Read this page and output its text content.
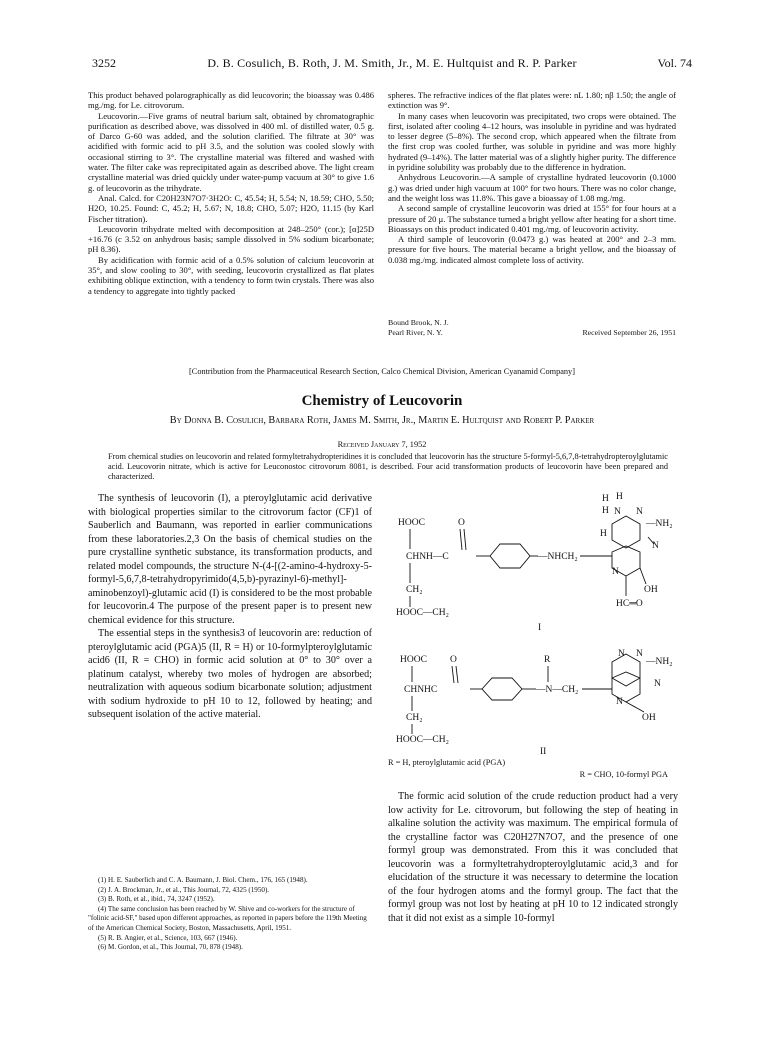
3252	D. B. Cosulich, B. Roth, J. M. Smith, Jr., M. E. Hultquist and R. P. Parker	Vol. 74

This product behaved polarographically as did leucovorin; the bioassay was 0.486 mg./mg. for Le. citrovorum.

Leucovorin.—Five grams of neutral barium salt, obtained by chromatographic purification as described above, was dissolved in 400 ml. of distilled water, 0.5 g. of Darco G-60 was added, and the solution clarified. The filtrate at 30° was acidified with formic acid to pH 3.5, and the solution was cooled slowly with occasional stirring to 3°. The crystalline material was filtered and washed with water. The filter cake was reprecipitated again as described above. The light cream crystalline material was dried quickly under water-pump vacuum at 30° to give 1.6 g. of leucovorin as the trihydrate.

Anal. Calcd. for C20H23N7O7·3H2O: C, 45.54; H, 5.54; N, 18.59; CHO, 5.50; H2O, 10.25. Found: C, 45.2; H, 5.67; N, 18.8; CHO, 5.07; H2O, 11.15 (by Karl Fischer titration).

Leucovorin trihydrate melted with decomposition at 248–250° (cor.); [α]25D +16.76 (c 3.52 on anhydrous basis; sample dissolved in 5% sodium bicarbonate; pH 8.36).

By acidification with formic acid of a 0.5% solution of calcium leucovorin at 35°, and slow cooling to 30°, with seeding, leucovorin crystallized as flat plates exhibiting oblique extinction, with a tendency to form twin crystals. There was also a tendency to aggregate into tightly packed

spheres. The refractive indices of the flat plates were: nL 1.80; nβ 1.50; the angle of extinction was 9°.

In many cases when leucovorin was precipitated, two crops were obtained. The first, isolated after cooling 4–12 hours, was insoluble in pyridine and was hydrated to lesser degree (5–8%). The second crop, which appeared when the filtrate from the first crop was cooled further, was soluble in pyridine and was more highly hydrated (9–14%). The latter material was of a slightly higher purity. The difference in pyridine solubility was probably due to the difference in hydration.

Anhydrous Leucovorin.—A sample of crystalline hydrated leucovorin (0.1000 g.) was dried under high vacuum at 100° for two hours. There was no color change, and the weight loss was 11.8%. This gave a bioassay of 1.08 mg./mg.

A second sample of crystalline leucovorin was dried at 155° for four hours at a pressure of 20 μ. The substance turned a bright yellow after heating for a short time. Bioassays on this product indicated 0.401 mg./mg. of leucovorin activity.

A third sample of leucovorin (0.0473 g.) was heated at 200° and 2–3 mm. pressure for five hours. The material became a bright yellow, and the bioassay of 0.038 mg./mg. indicated almost complete loss of activity.

Bound Brook, N. J.
Pearl River, N. Y.	Received September 26, 1951
[Contribution from the Pharmaceutical Research Section, Calco Chemical Division, American Cyanamid Company]
Chemistry of Leucovorin
By Donna B. Cosulich, Barbara Roth, James M. Smith, Jr., Martin E. Hultquist and Robert P. Parker
Received January 7, 1952
From chemical studies on leucovorin and related formyltetrahydropteridines it is concluded that leucovorin has the structure 5-formyl-5,6,7,8-tetrahydropteroylglutamic acid. Leucovorin nitrate, which is active for Leuconostoc citrovorum 8081, is described. Four acid transformation products of leucovorin have been prepared and characterized.

The synthesis of leucovorin (I), a pteroylglutamic acid derivative with biological properties similar to the citrovorum factor (CF)1 of Sauberlich and Baumann, was reported in earlier communications from these laboratories.2,3 On the basis of chemical studies on the pure crystalline synthetic substance, its transformation products, and related model compounds, the structure N-(4-[(2-amino-4-hydroxy-5-formyl-5,6,7,8-tetrahydropyrimido(4,5,b)-pyrazinyl-6)-methyl]-aminobenzoyl)-glutamic acid (I) is considered to be the most probable for leucovorin.4 The purpose of the present paper is to present new chemical evidence for this structure.

The essential steps in the synthesis3 of leucovorin are: reduction of pteroylglutamic acid (PGA)5 (II, R = H) or 10-formylpteroylglutamic acid6 (II, R = CHO) in formic acid solution at 0° to 30° over a platinum catalyst, whereby two moles of hydrogen are absorbed; neutralization with aqueous sodium bicarbonate solution; adjustment with sodium hydroxide to pH 10 to 12, followed by heating; and subsequent isolation of the active material.

(1) H. E. Sauberlich and C. A. Baumann, J. Biol. Chem., 176, 165 (1948).

(2) J. A. Brockman, Jr., et al., This Journal, 72, 4325 (1950).

(3) B. Roth, et al., ibid., 74, 3247 (1952).

(4) The same conclusion has been reached by W. Shive and co-workers for the structure of "folinic acid-SF," based upon different approaches, as reported in papers before the 119th Meeting of the American Chemical Society, Boston, Massachusetts, April, 1951.

(5) R. B. Angier, et al., Science, 103, 667 (1946).

(6) M. Gordon, et al., This Journal, 70, 878 (1948).

H H
HOOC	O
H N N
—NH₂
H
N
CHNH—C	—NHCH₂
N
CH₂	OH
HC═O
HOOC—CH₂
I
HOOC O	R
N N
—NH₂
CHNHC	—N—CH₂
N
N
CH₂	OH
HOOC—CH₂
II
R = H, pteroylglutamic acid (PGA)
R = CHO, 10-formyl PGA

The formic acid solution of the crude reduction product had a very low activity for Le. citrovorum, but following the step of heating in alkaline solution the activity was maximum. The empirical formula of the crystalline factor was C20H27N7O7, and the presence of one formyl group was demonstrated. From this it was concluded that leucovorin was a formyltetrahydropteroylglutamic acid,3 and for elucidation of the structure it was necessary to determine the location of the four hydrogen atoms and the formyl group. The fact that the formyl group was not lost by heating at pH 10 to 12 indicated strongly that it did not exist as a simple 10-formyl
